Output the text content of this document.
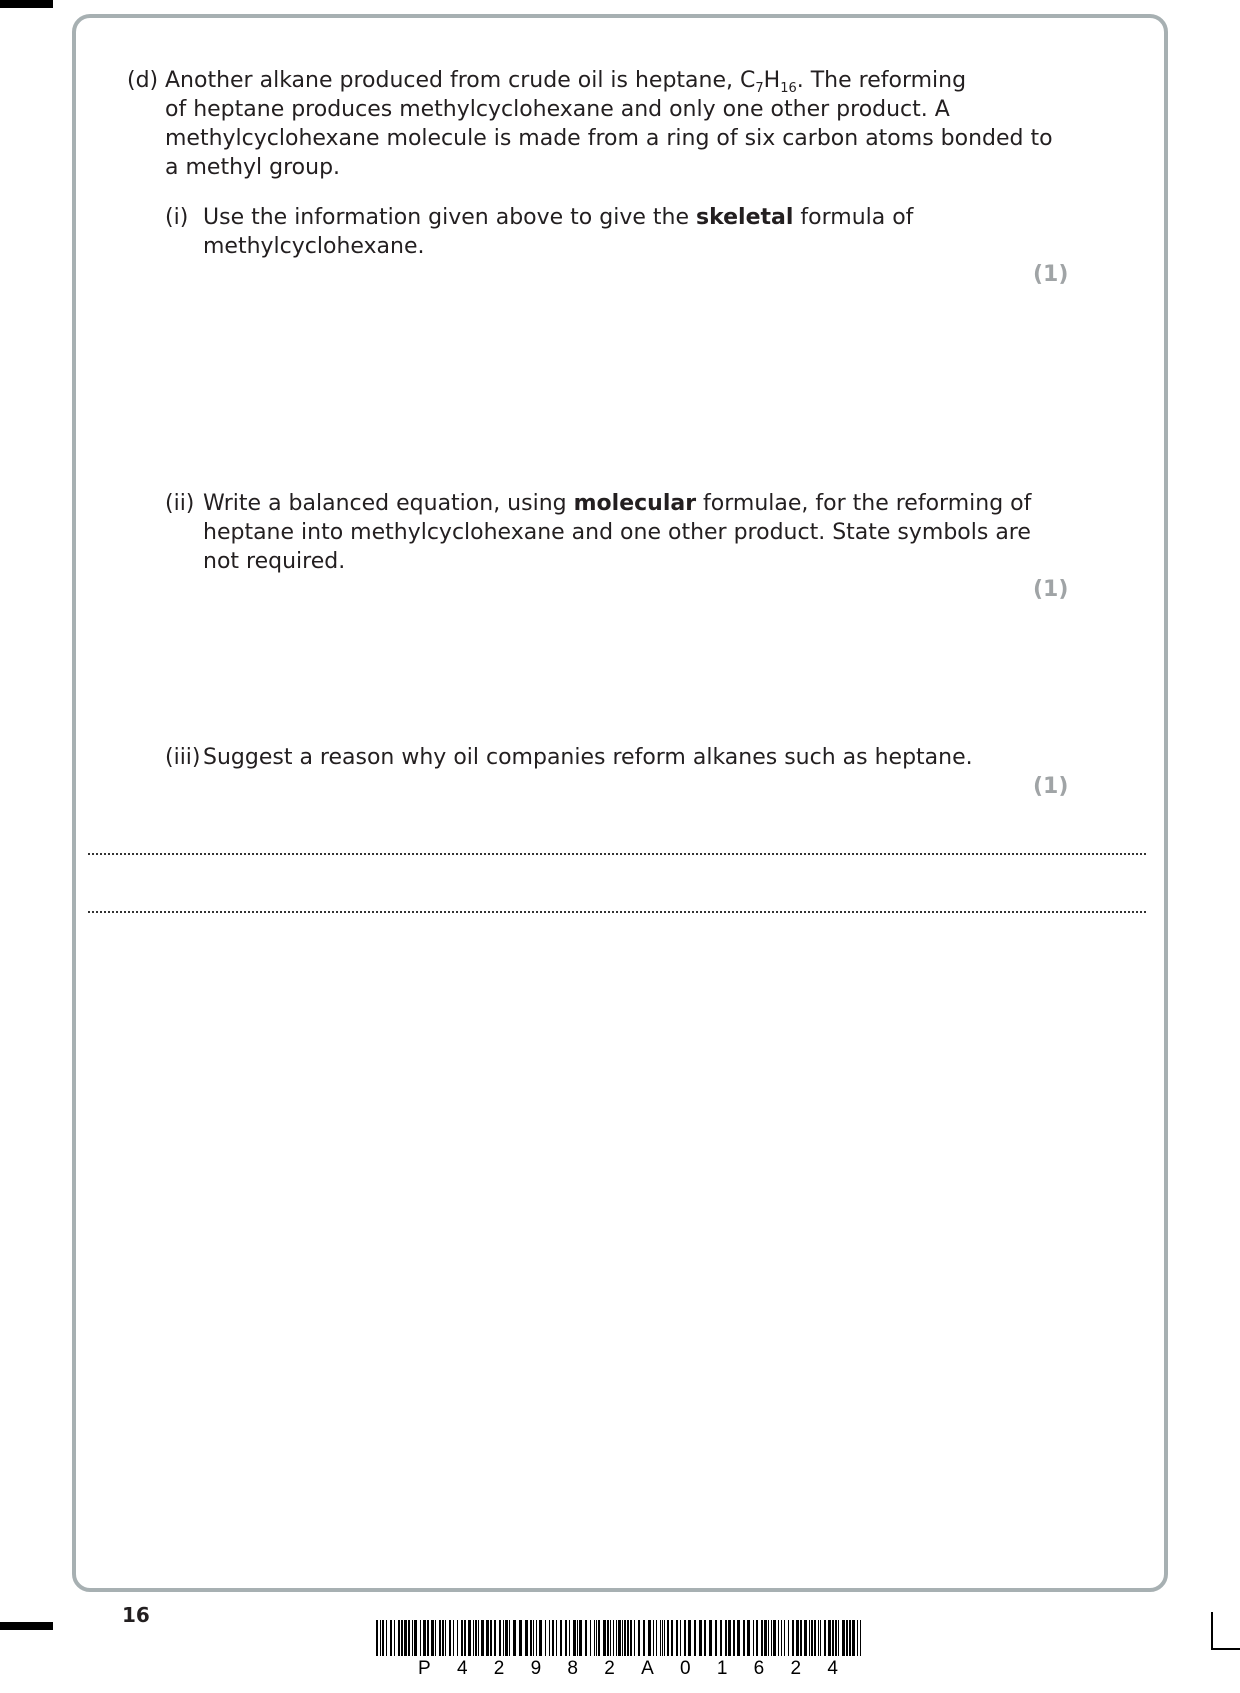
(d) Another alkane produced from crude oil is heptane, $C_7H_{16}$. The reforming
of heptane produces methylcyclohexane and only one other product. A
methylcyclohexane molecule is made from a ring of six carbon atoms bonded to
a methyl group.
(i) Use the information given above to give the skeletal formula of
methylcyclohexane.
(1)
(ii) Write a balanced equation, using molecular formulae, for the reforming of
heptane into methylcyclohexane and one other product. State symbols are
not required.
(1)
(iii) Suggest a reason why oil companies reform alkanes such as heptane.
(1)
16
P 4 2 9 8 2 A 0 1 6 2 4
